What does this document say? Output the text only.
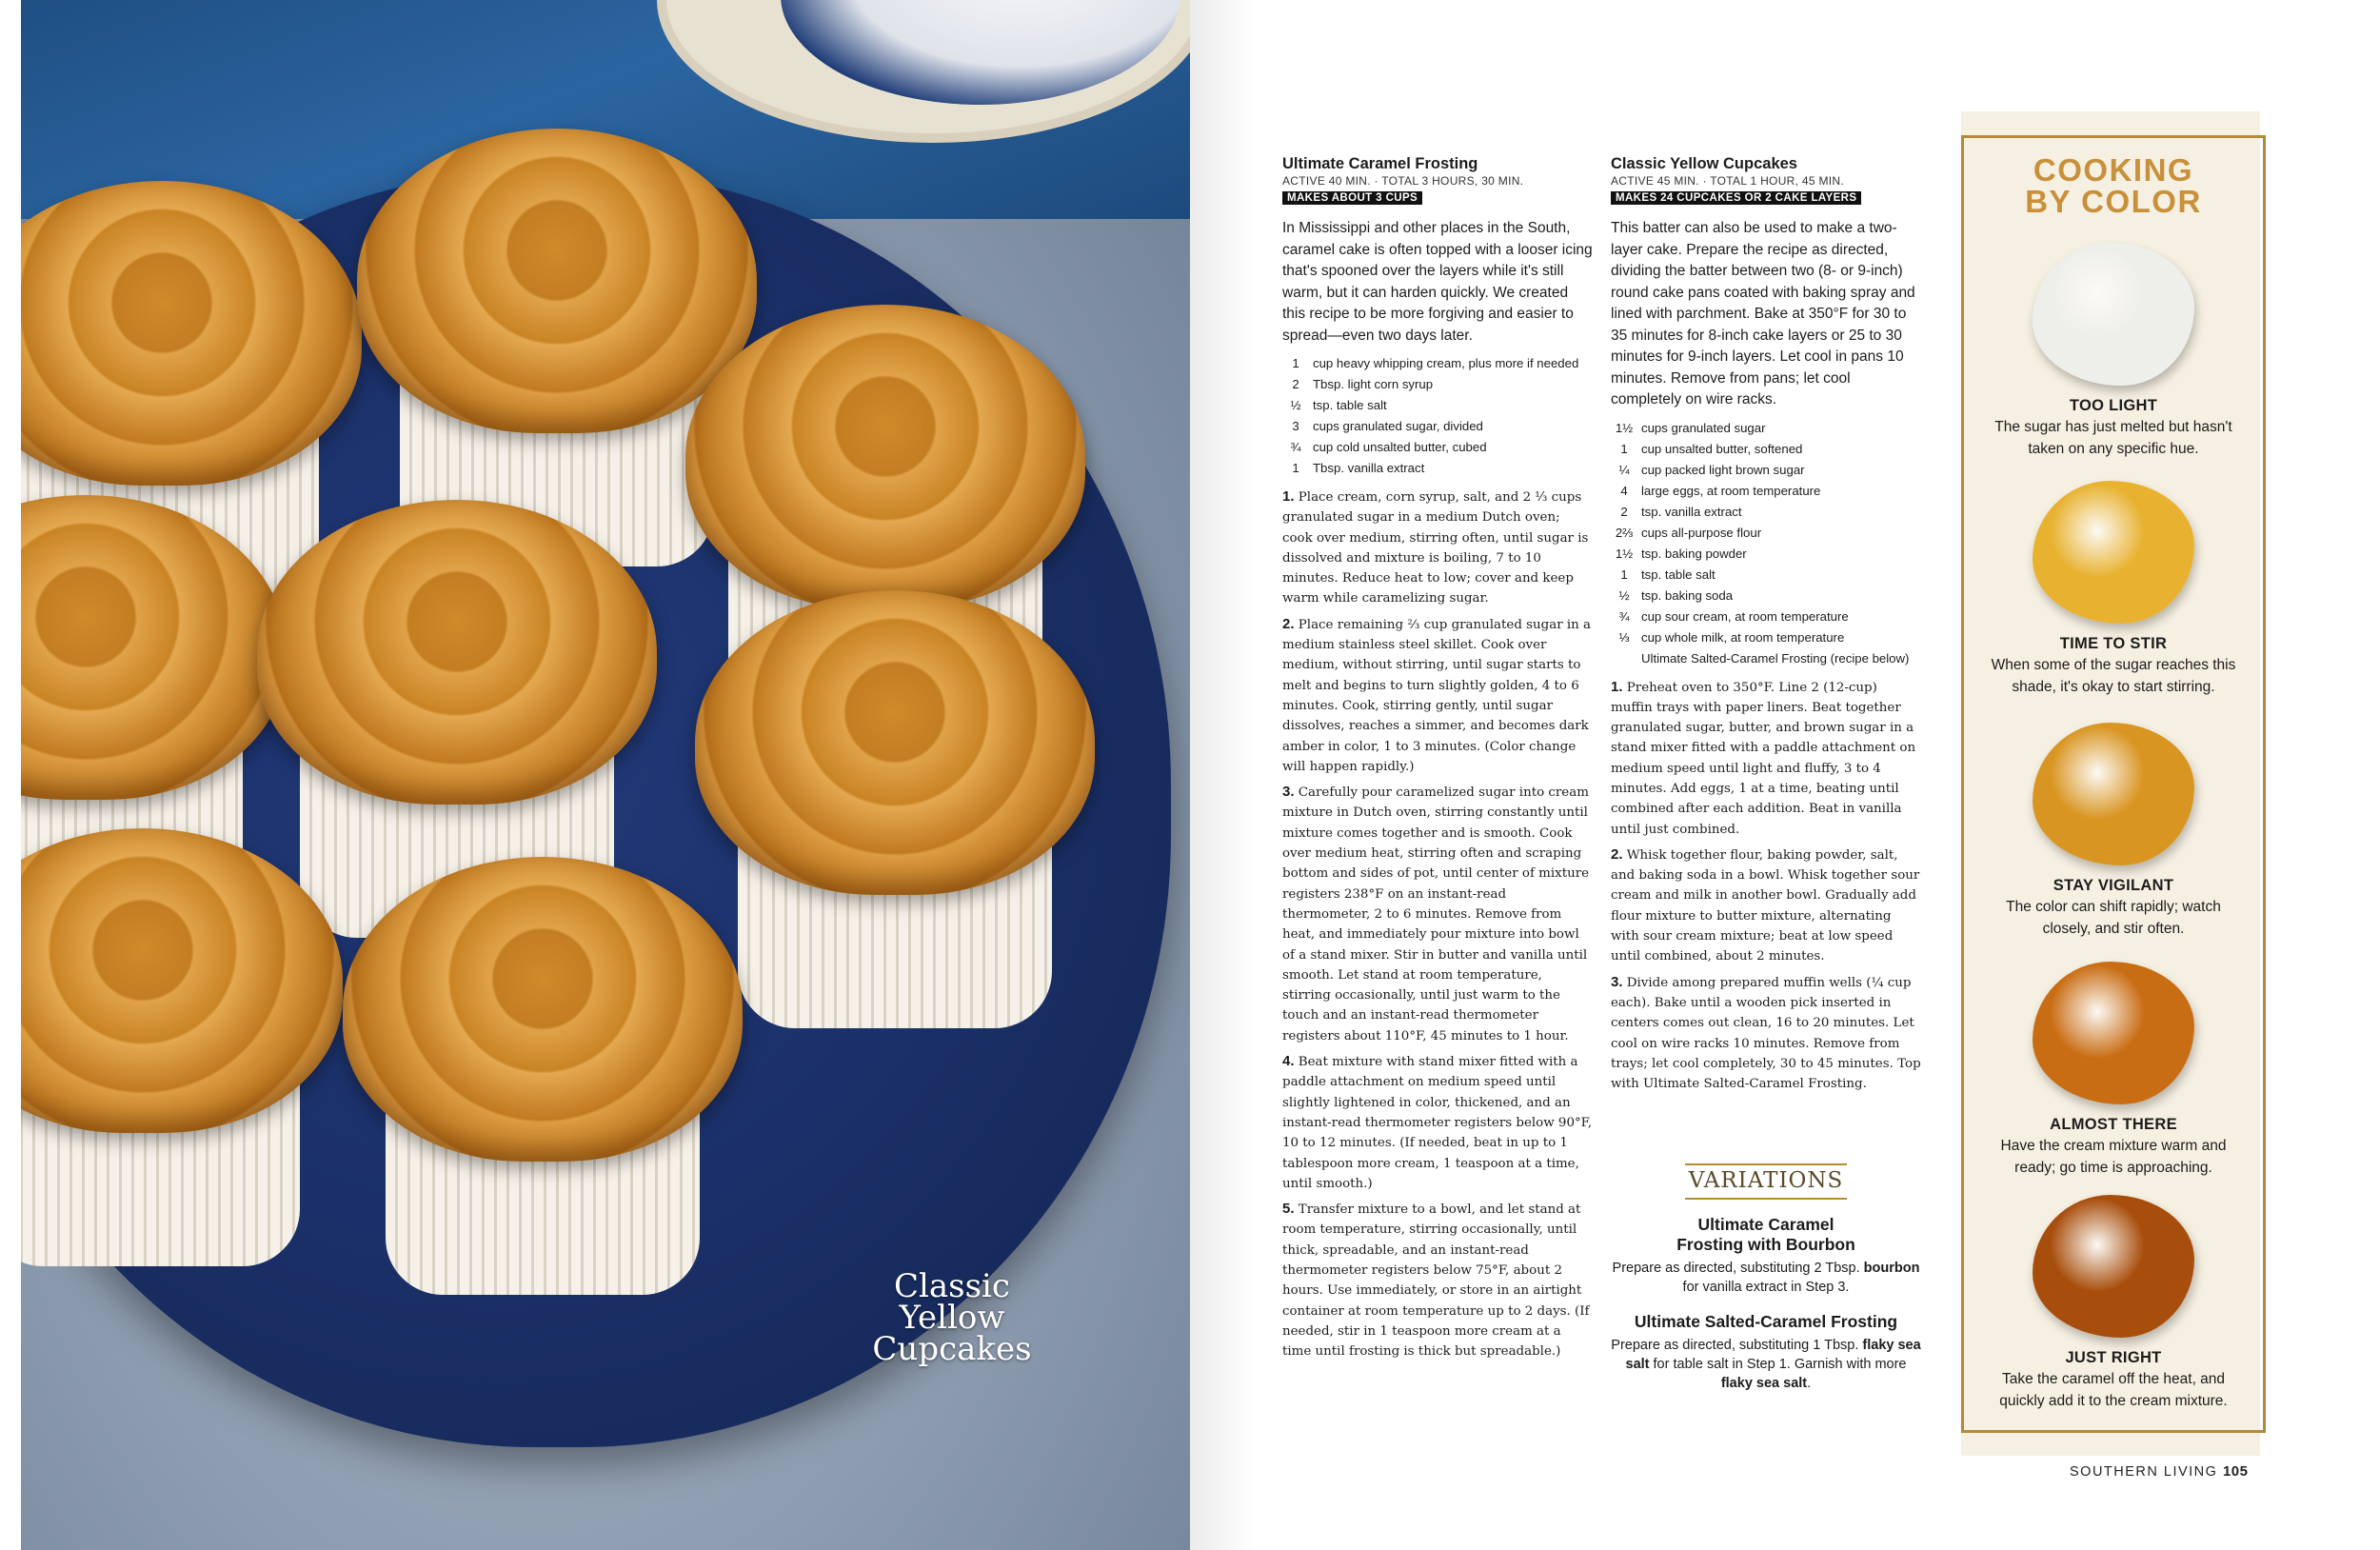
Classic
Yellow
Cupcakes
Ultimate Caramel Frosting
ACTIVE 40 MIN. · TOTAL 3 HOURS, 30 MIN.
MAKES ABOUT 3 CUPS

In Mississippi and other places in the South, caramel cake is often topped with a looser icing that's spooned over the layers while it's still warm, but it can harden quickly. We created this recipe to be more forgiving and easier to spread—even two days later.

1	cup heavy whipping cream, plus more if needed
2	Tbsp. light corn syrup
½ tsp. table salt
3	cups granulated sugar, divided
¾ cup cold unsalted butter, cubed
1	Tbsp. vanilla extract

1. Place cream, corn syrup, salt, and 2 ⅓ cups granulated sugar in a medium Dutch oven; cook over medium, stirring often, until sugar is dissolved and mixture is boiling, 7 to 10 minutes. Reduce heat to low; cover and keep warm while caramelizing sugar.

2. Place remaining ⅔ cup granulated sugar in a medium stainless steel skillet. Cook over medium, without stirring, until sugar starts to melt and begins to turn slightly golden, 4 to 6 minutes. Cook, stirring gently, until sugar dissolves, reaches a simmer, and becomes dark amber in color, 1 to 3 minutes. (Color change will happen rapidly.)

3. Carefully pour caramelized sugar into cream mixture in Dutch oven, stirring constantly until mixture comes together and is smooth. Cook over medium heat, stirring often and scraping bottom and sides of pot, until center of mixture registers 238°F on an instant-read thermometer, 2 to 6 minutes. Remove from heat, and immediately pour mixture into bowl of a stand mixer. Stir in butter and vanilla until smooth. Let stand at room temperature, stirring occasionally, until just warm to the touch and an instant-read thermometer registers about 110°F, 45 minutes to 1 hour.

4. Beat mixture with stand mixer fitted with a paddle attachment on medium speed until slightly lightened in color, thickened, and an instant-read thermometer registers below 90°F, 10 to 12 minutes. (If needed, beat in up to 1 tablespoon more cream, 1 teaspoon at a time, until smooth.)

5. Transfer mixture to a bowl, and let stand at room temperature, stirring occasionally, until thick, spreadable, and an instant-read thermometer registers below 75°F, about 2 hours. Use immediately, or store in an airtight container at room temperature up to 2 days. (If needed, stir in 1 teaspoon more cream at a time until frosting is thick but spreadable.)

Classic Yellow Cupcakes
ACTIVE 45 MIN. · TOTAL 1 HOUR, 45 MIN.
MAKES 24 CUPCAKES OR 2 CAKE LAYERS

This batter can also be used to make a two-layer cake. Prepare the recipe as directed, dividing the batter between two (8- or 9-inch) round cake pans coated with baking spray and lined with parchment. Bake at 350°F for 30 to 35 minutes for 8-inch cake layers or 25 to 30 minutes for 9-inch layers. Let cool in pans 10 minutes. Remove from pans; let cool completely on wire racks.

1½ cups granulated sugar
1	cup unsalted butter, softened
¼ cup packed light brown sugar
4	large eggs, at room temperature
2	tsp. vanilla extract
2⅔ cups all-purpose flour
1½ tsp. baking powder
1	tsp. table salt
½ tsp. baking soda
¾ cup sour cream, at room temperature
⅓ cup whole milk, at room temperature
Ultimate Salted-Caramel Frosting (recipe below)

1. Preheat oven to 350°F. Line 2 (12-cup) muffin trays with paper liners. Beat together granulated sugar, butter, and brown sugar in a stand mixer fitted with a paddle attachment on medium speed until light and fluffy, 3 to 4 minutes. Add eggs, 1 at a time, beating until combined after each addition. Beat in vanilla until just combined.

2. Whisk together flour, baking powder, salt, and baking soda in a bowl. Whisk together sour cream and milk in another bowl. Gradually add flour mixture to butter mixture, alternating with sour cream mixture; beat at low speed until combined, about 2 minutes.

3. Divide among prepared muffin wells (¼ cup each). Bake until a wooden pick inserted in centers comes out clean, 16 to 20 minutes. Let cool on wire racks 10 minutes. Remove from trays; let cool completely, 30 to 45 minutes. Top with Ultimate Salted-Caramel Frosting.

VARIATIONS
Ultimate Caramel
Frosting with Bourbon
Prepare as directed, substituting 2 Tbsp. bourbon for vanilla extract in Step 3.
Ultimate Salted-Caramel Frosting
Prepare as directed, substituting 1 Tbsp. flaky sea salt for table salt in Step 1. Garnish with more flaky sea salt.
COOKING
BY COLOR
TOO LIGHT
The sugar has just melted but hasn't taken on any specific hue.
TIME TO STIR
When some of the sugar reaches this shade, it's okay to start stirring.
STAY VIGILANT
The color can shift rapidly; watch closely, and stir often.
ALMOST THERE
Have the cream mixture warm and ready; go time is approaching.
JUST RIGHT
Take the caramel off the heat, and quickly add it to the cream mixture.
SOUTHERN LIVING 105
